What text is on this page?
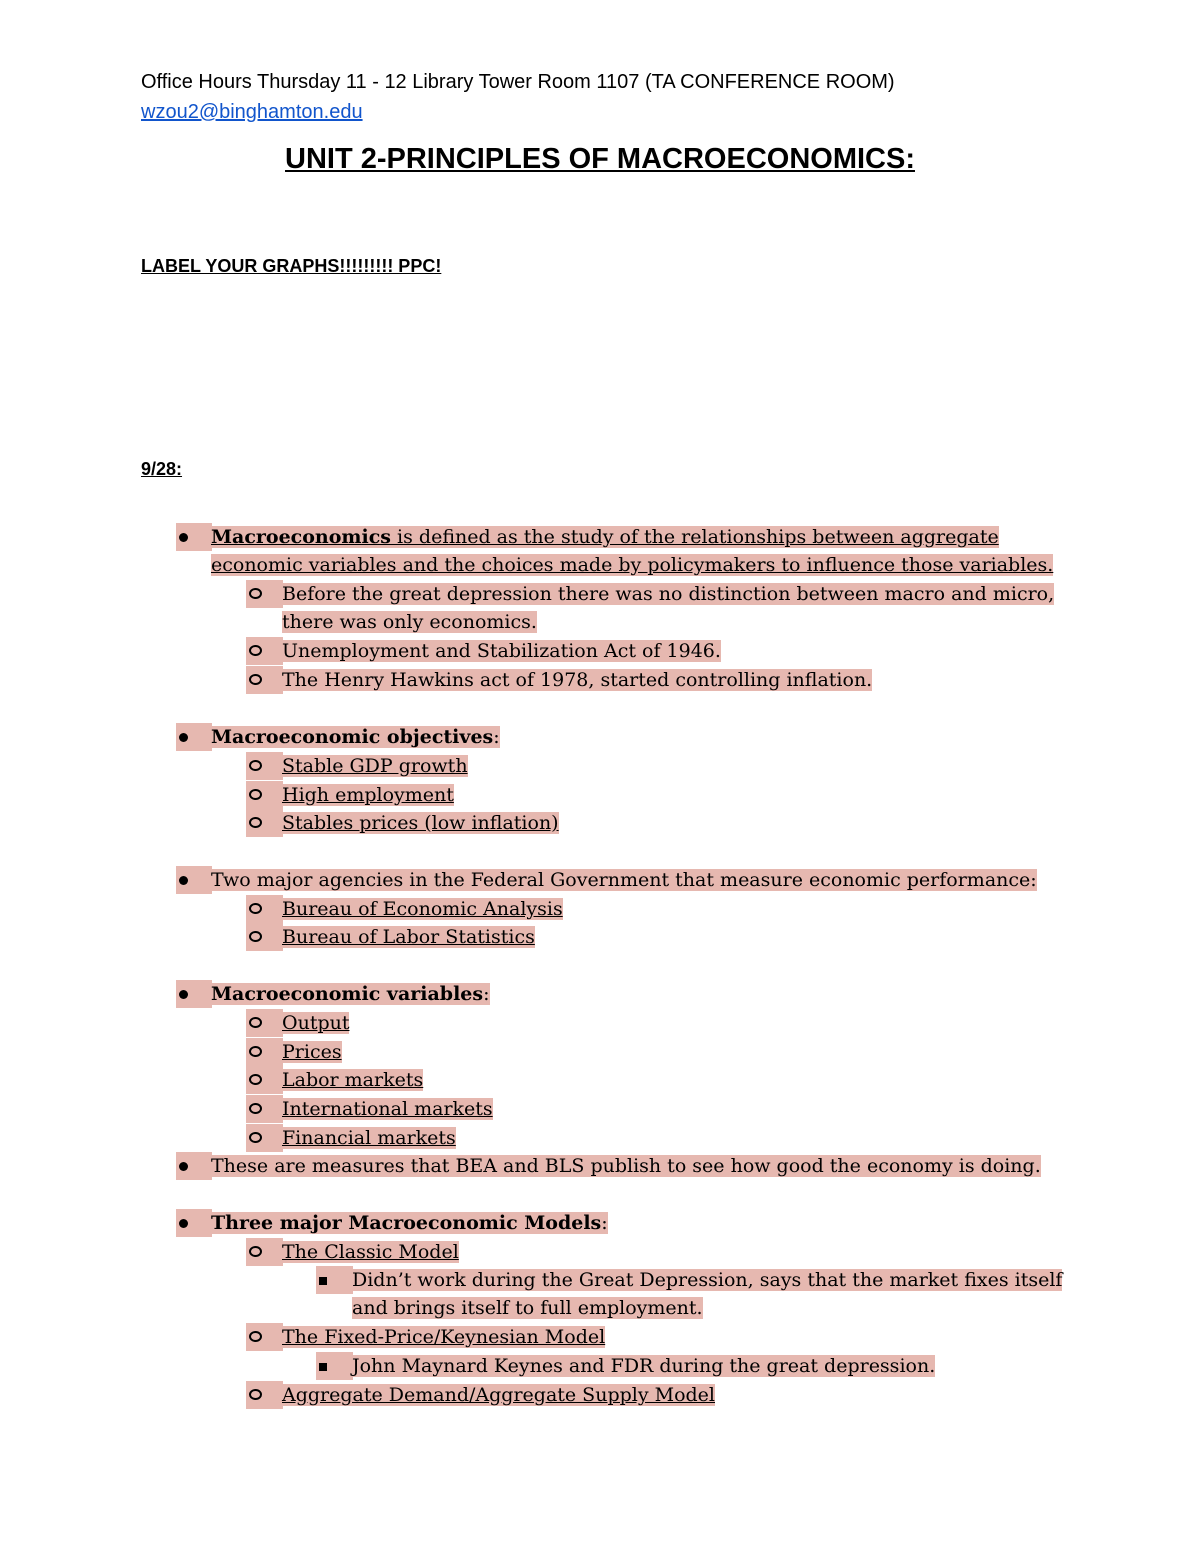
Office Hours Thursday 11 - 12 Library Tower Room 1107 (TA CONFERENCE ROOM)
wzou2@binghamton.edu
UNIT 2-PRINCIPLES OF MACROECONOMICS:
LABEL YOUR GRAPHS!!!!!!!!! PPC!
9/28:
Macroeconomics is defined as the study of the relationships between aggregate
economic variables and the choices made by policymakers to influence those variables.
Before the great depression there was no distinction between macro and micro,
there was only economics.
Unemployment and Stabilization Act of 1946.
The Henry Hawkins act of 1978, started controlling inflation.
Macroeconomic objectives:
Stable GDP growth
High employment
Stables prices (low inflation)
Two major agencies in the Federal Government that measure economic performance:
Bureau of Economic Analysis
Bureau of Labor Statistics
Macroeconomic variables:
Output
Prices
Labor markets
International markets
Financial markets
These are measures that BEA and BLS publish to see how good the economy is doing.
Three major Macroeconomic Models:
The Classic Model
Didn’t work during the Great Depression, says that the market fixes itself
and brings itself to full employment.
The Fixed-Price/Keynesian Model
John Maynard Keynes and FDR during the great depression.
Aggregate Demand/Aggregate Supply Model
